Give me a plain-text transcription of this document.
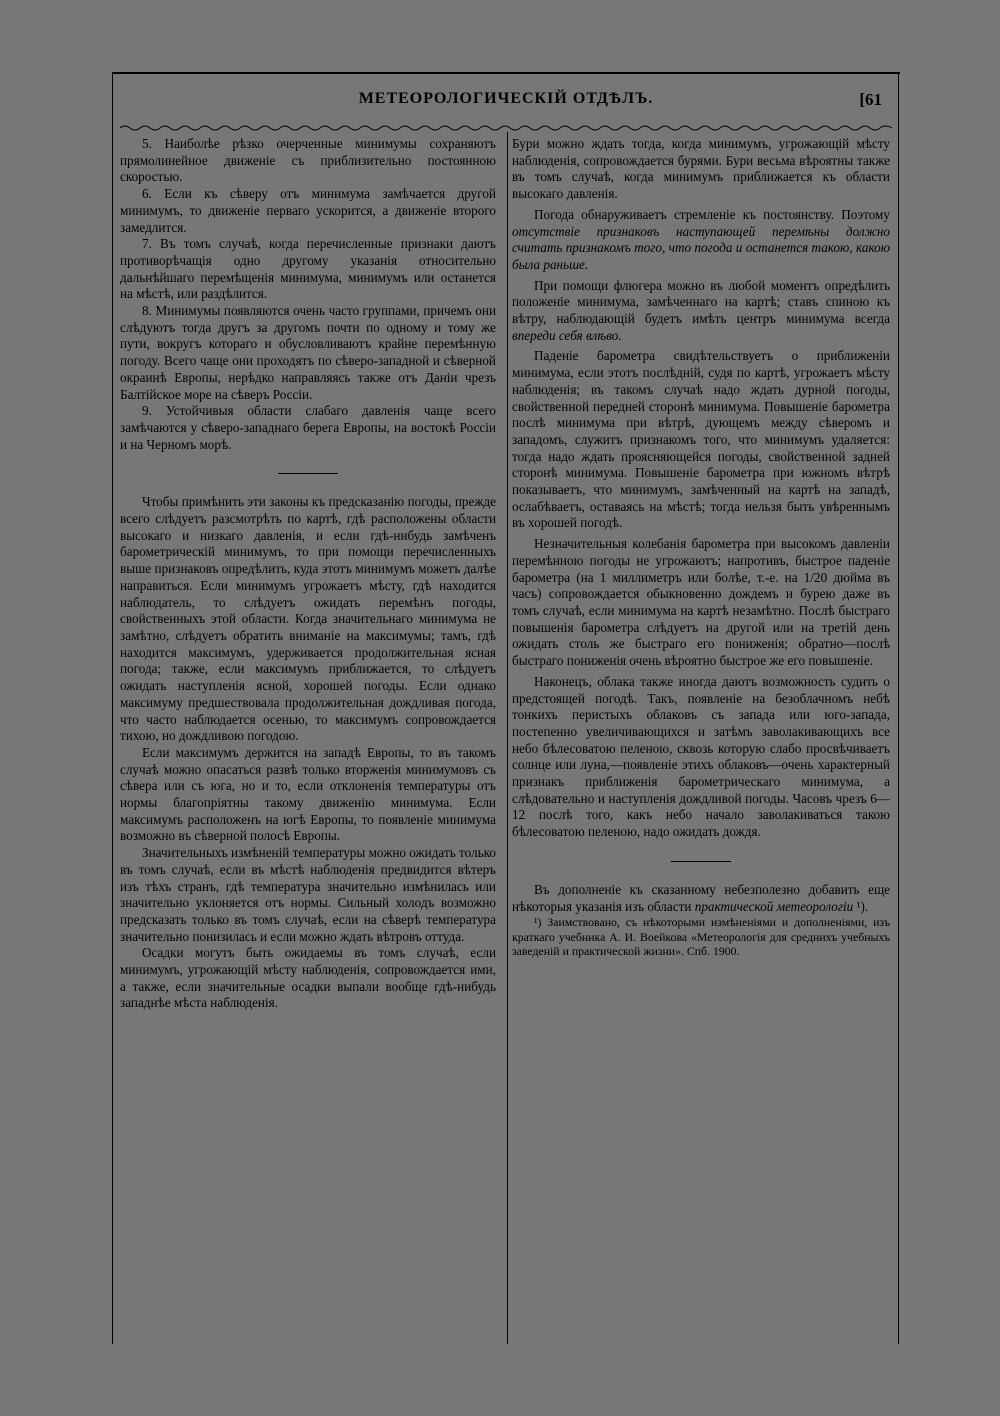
МЕТЕОРОЛОГИЧЕСКІЙ ОТДѢЛЪ.	[61

5. Наиболѣе рѣзко очерченные минимумы сохраняютъ прямолинейное движеніе съ приблизительно постоянною скоростью.

6. Если къ сѣверу отъ минимума замѣчается другой минимумъ, то движеніе перваго ускорится, а движеніе второго замедлится.

7. Въ томъ случаѣ, когда перечисленные признаки даютъ противорѣчащія одно другому указанія относительно дальнѣйшаго перемѣщенія минимума, минимумъ или останется на мѣстѣ, или раздѣлится.

8. Минимумы появляются очень часто группами, причемъ они слѣдуютъ тогда другъ за другомъ почти по одному и тому же пути, вокругъ котораго и обусловливаютъ крайне перемѣнную погоду. Всего чаще они проходятъ по сѣверо-западной и сѣверной окраинѣ Европы, нерѣдко направляясь также отъ Даніи чрезъ Балтійское море на сѣверъ Россіи.

9. Устойчивыя области слабаго давленія чаще всего замѣчаются у сѣверо-западнаго берега Европы, на востокѣ Россіи и на Черномъ морѣ.

Чтобы примѣнить эти законы къ предсказанію погоды, прежде всего слѣдуетъ разсмотрѣть по картѣ, гдѣ расположены области высокаго и низкаго давленія, и если гдѣ-нибудь замѣченъ барометрическій минимумъ, то при помощи перечисленныхъ выше признаковъ опредѣлить, куда этотъ минимумъ можетъ далѣе направиться. Если минимумъ угрожаетъ мѣсту, гдѣ находится наблюдатель, то слѣдуетъ ожидать перемѣнъ погоды, свойственныхъ этой области. Когда значительнаго минимума не замѣтно, слѣдуетъ обратить вниманіе на максимумы; тамъ, гдѣ находится максимумъ, удерживается продолжительная ясная погода; также, если максимумъ приближается, то слѣдуетъ ожидать наступленія ясной, хорошей погоды. Если однако максимуму предшествовала продолжительная дождливая погода, что часто наблюдается осенью, то максимумъ сопровождается тихою, но дождливою погодою.

Если максимумъ держится на западѣ Европы, то въ такомъ случаѣ можно опасаться развѣ только вторженія минимумовъ съ сѣвера или съ юга, но и то, если отклоненія температуры отъ нормы благопріятны такому движенію минимума. Если максимумъ расположенъ на югѣ Европы, то появленіе минимума возможно въ сѣверной полосѣ Европы.

Значительныхъ измѣненій температуры можно ожидать только въ томъ случаѣ, если въ мѣстѣ наблюденія предвидится вѣтеръ изъ тѣхъ странъ, гдѣ температура значительно измѣнилась или значительно уклоняется отъ нормы. Сильный холодъ возможно предсказать только въ томъ случаѣ, если на сѣверѣ температура значительно понизилась и если можно ждать вѣтровъ оттуда.

Осадки могутъ быть ожидаемы въ томъ случаѣ, если минимумъ, угрожающій мѣсту наблюденія, сопровождается ими, а также, если значительные осадки выпали вообще гдѣ-нибудь западнѣе мѣста наблюденія.

Бури можно ждать тогда, когда минимумъ, угрожающій мѣсту наблюденія, сопровождается бурями. Бури весьма вѣроятны также въ томъ случаѣ, когда минимумъ приближается къ области высокаго давленія.

Погода обнаруживаетъ стремленіе къ постоянству. Поэтому отсутствіе признаковъ наступающей перемѣны должно считать признакомъ того, что погода и останется такою, какою была раньше.

При помощи флюгера можно въ любой моментъ опредѣлить положеніе минимума, замѣченнаго на картѣ; ставъ спиною къ вѣтру, наблюдающій будетъ имѣть центръ минимума всегда впереди себя влѣво.

Паденіе барометра свидѣтельствуетъ о приближеніи минимума, если этотъ послѣдній, судя по картѣ, угрожаетъ мѣсту наблюденія; въ такомъ случаѣ надо ждать дурной погоды, свойственной передней сторонѣ минимума. Повышеніе барометра послѣ минимума при вѣтрѣ, дующемъ между сѣверомъ и западомъ, служитъ признакомъ того, что минимумъ удаляется: тогда надо ждать проясняющейся погоды, свойственной задней сторонѣ минимума. Повышеніе барометра при южномъ вѣтрѣ показываетъ, что минимумъ, замѣченный на картѣ на западѣ, ослабѣваетъ, оставаясь на мѣстѣ; тогда нельзя быть увѣреннымъ въ хорошей погодѣ.

Незначительныя колебанія барометра при высокомъ давленіи перемѣнною погоды не угрожаютъ; напротивъ, быстрое паденіе барометра (на 1 миллиметръ или болѣе, т.-е. на 1/20 дюйма въ часъ) сопровождается обыкновенно дождемъ и бурею даже въ томъ случаѣ, если минимума на картѣ незамѣтно. Послѣ быстраго повышенія барометра слѣдуетъ на другой или на третій день ожидать столь же быстраго его пониженія; обратно—послѣ быстраго пониженія очень вѣроятно быстрое же его повышеніе.

Наконецъ, облака также иногда даютъ возможность судить о предстоящей погодѣ. Такъ, появленіе на безоблачномъ небѣ тонкихъ перистыхъ облаковъ съ запада или юго-запада, постепенно увеличивающихся и затѣмъ заволакивающихъ все небо бѣлесоватою пеленою, сквозь которую слабо просвѣчиваетъ солнце или луна,—появленіе этихъ облаковъ—очень характерный признакъ приближенія барометрическаго минимума, а слѣдовательно и наступленія дождливой погоды. Часовъ чрезъ 6—12 послѣ того, какъ небо начало заволакиваться такою бѣлесоватою пеленою, надо ожидать дождя.

Въ дополненіе къ сказанному небезполезно добавить еще нѣкоторыя указанія изъ области практической метеорологіи ¹).

¹) Заимствовано, съ нѣкоторыми измѣненіями и дополненіями, изъ краткаго учебника А. И. Воейкова «Метеорологія для среднихъ учебныхъ заведеній и практической жизни». Спб. 1900.
